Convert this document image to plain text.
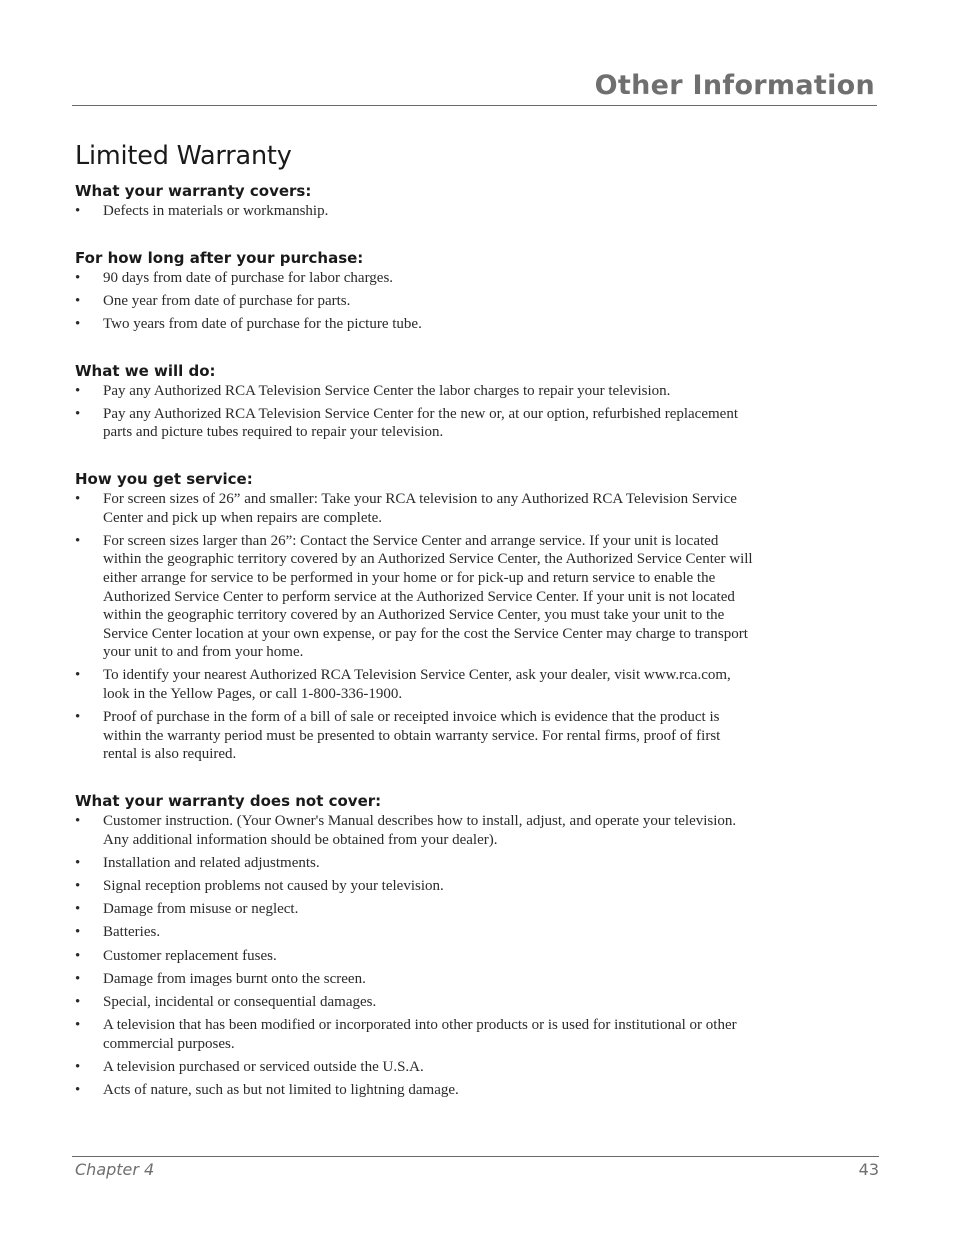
Other Information
Limited Warranty
What your warranty covers:
•	Defects in materials or workmanship.
For how long after your purchase:
•	90 days from date of purchase for labor charges.
•	One year from date of purchase for parts.
•	Two years from date of purchase for the picture tube.
What we will do:
•	Pay any Authorized RCA Television Service Center the labor charges to repair your television.
•	Pay any Authorized RCA Television Service Center for the new or, at our option, refurbished replacement parts and picture tubes required to repair your television.
How you get service:
•	For screen sizes of 26” and smaller: Take your RCA television to any Authorized RCA Television Service Center and pick up when repairs are complete.
•	For screen sizes larger than 26”: Contact the Service Center and arrange service. If your unit is located within the geographic territory covered by an Authorized Service Center, the Authorized Service Center will either arrange for service to be performed in your home or for pick-up and return service to enable the Authorized Service Center to perform service at the Authorized Service Center. If your unit is not located within the geographic territory covered by an Authorized Service Center, you must take your unit to the Service Center location at your own expense, or pay for the cost the Service Center may charge to transport your unit to and from your home.
•	To identify your nearest Authorized RCA Television Service Center, ask your dealer, visit www.rca.com, look in the Yellow Pages, or call 1-800-336-1900.
•	Proof of purchase in the form of a bill of sale or receipted invoice which is evidence that the product is within the warranty period must be presented to obtain warranty service. For rental firms, proof of first rental is also required.
What your warranty does not cover:
•	Customer instruction. (Your Owner's Manual describes how to install, adjust, and operate your television. Any additional information should be obtained from your dealer).
•	Installation and related adjustments.
•	Signal reception problems not caused by your television.
•	Damage from misuse or neglect.
•	Batteries.
•	Customer replacement fuses.
•	Damage from images burnt onto the screen.
•	Special, incidental or consequential damages.
•	A television that has been modified or incorporated into other products or is used for institutional or other commercial purposes.
•	A television purchased or serviced outside the U.S.A.
•	Acts of nature, such as but not limited to lightning damage.
Chapter 4	43
